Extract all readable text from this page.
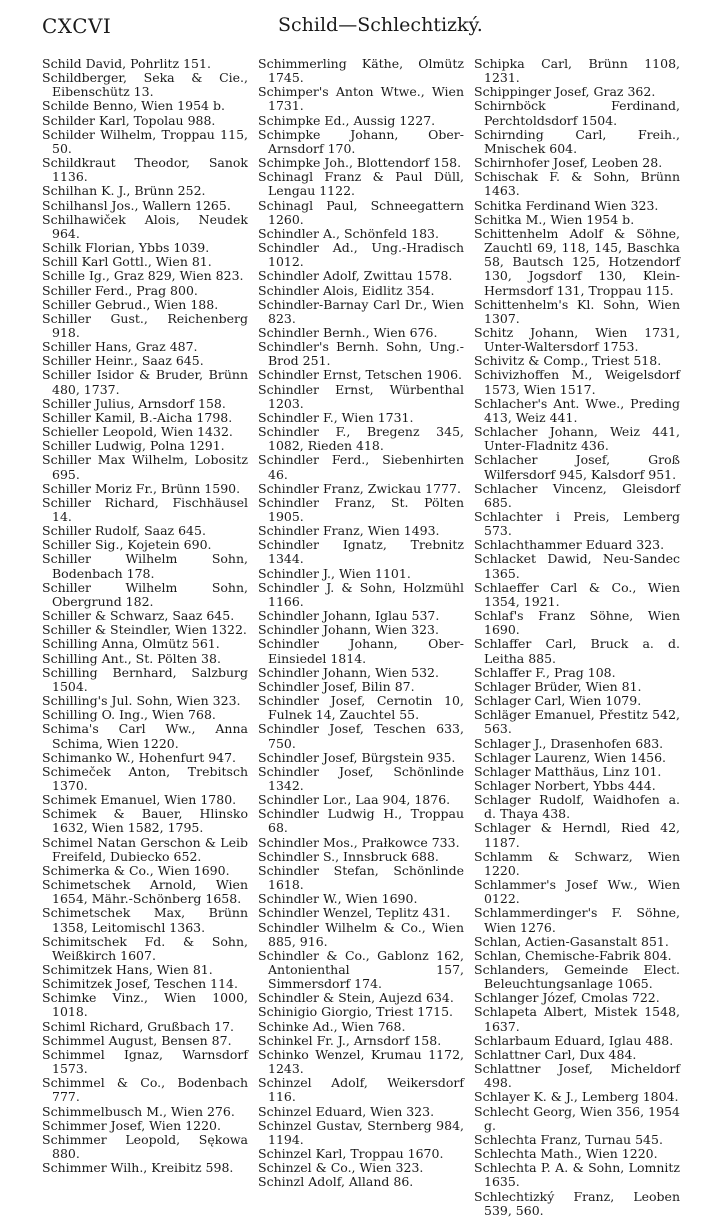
CXCVI	Schild—Schlechtizký.
Schild David, Pohrlitz 151.
Schildberger, Seka & Cie., Eibenschütz 13.
Schilde Benno, Wien 1954 b.
Schilder Karl, Topolau 988.
Schilder Wilhelm, Troppau 115, 50.
Schildkraut Theodor, Sanok 1136.
Schilhan K. J., Brünn 252.
Schilhansl Jos., Wallern 1265.
Schilhawiček Alois, Neudek 964.
Schilk Florian, Ybbs 1039.
Schill Karl Gottl., Wien 81.
Schille Ig., Graz 829, Wien 823.
Schiller Ferd., Prag 800.
Schiller Gebrud., Wien 188.
Schiller Gust., Reichenberg 918.
Schiller Hans, Graz 487.
Schiller Heinr., Saaz 645.
Schiller Isidor & Bruder, Brünn 480, 1737.
Schiller Julius, Arnsdorf 158.
Schiller Kamil, B.-Aicha 1798.
Schieller Leopold, Wien 1432.
Schiller Ludwig, Polna 1291.
Schiller Max Wilhelm, Lobositz 695.
Schiller Moriz Fr., Brünn 1590.
Schiller Richard, Fischhäusel 14.
Schiller Rudolf, Saaz 645.
Schiller Sig., Kojetein 690.
Schiller Wilhelm Sohn, Bodenbach 178.
Schiller Wilhelm Sohn, Obergrund 182.
Schiller & Schwarz, Saaz 645.
Schiller & Steindler, Wien 1322.
Schilling Anna, Olmütz 561.
Schilling Ant., St. Pölten 38.
Schilling Bernhard, Salzburg 1504.
Schilling's Jul. Sohn, Wien 323.
Schilling O. Ing., Wien 768.
Schima's Carl Ww., Anna Schima, Wien 1220.
Schimanko W., Hohenfurt 947.
Schimeček Anton, Trebitsch 1370.
Schimek Emanuel, Wien 1780.
Schimek & Bauer, Hlinsko 1632, Wien 1582, 1795.
Schimel Natan Gerschon & Leib Freifeld, Dubiecko 652.
Schimerka & Co., Wien 1690.
Schimetschek Arnold, Wien 1654, Mähr.-Schönberg 1658.
Schimetschek Max, Brünn 1358, Leitomischl 1363.
Schimitschek Fd. & Sohn, Weißkirch 1607.
Schimitzek Hans, Wien 81.
Schimitzek Josef, Teschen 114.
Schimke Vinz., Wien 1000, 1018.
Schiml Richard, Grußbach 17.
Schimmel August, Bensen 87.
Schimmel Ignaz, Warnsdorf 1573.
Schimmel & Co., Bodenbach 777.
Schimmelbusch M., Wien 276.
Schimmer Josef, Wien 1220.
Schimmer Leopold, Sękowa 880.
Schimmer Wilh., Kreibitz 598.
Schimmerling Käthe, Olmütz 1745.
Schimper's Anton Wtwe., Wien 1731.
Schimpke Ed., Aussig 1227.
Schimpke Johann, Ober-Arnsdorf 170.
Schimpke Joh., Blottendorf 158.
Schinagl Franz & Paul Düll, Lengau 1122.
Schinagl Paul, Schneegattern 1260.
Schindler A., Schönfeld 183.
Schindler Ad., Ung.-Hradisch 1012.
Schindler Adolf, Zwittau 1578.
Schindler Alois, Eidlitz 354.
Schindler-Barnay Carl Dr., Wien 823.
Schindler Bernh., Wien 676.
Schindler's Bernh. Sohn, Ung.-Brod 251.
Schindler Ernst, Tetschen 1906.
Schindler Ernst, Würbenthal 1203.
Schindler F., Wien 1731.
Schindler F., Bregenz 345, 1082, Rieden 418.
Schindler Ferd., Siebenhirten 46.
Schindler Franz, Zwickau 1777.
Schindler Franz, St. Pölten 1905.
Schindler Franz, Wien 1493.
Schindler Ignatz, Trebnitz 1344.
Schindler J., Wien 1101.
Schindler J. & Sohn, Holzmühl 1166.
Schindler Johann, Iglau 537.
Schindler Johann, Wien 323.
Schindler Johann, Ober-Einsiedel 1814.
Schindler Johann, Wien 532.
Schindler Josef, Bilin 87.
Schindler Josef, Cernotin 10, Fulnek 14, Zauchtel 55.
Schindler Josef, Teschen 633, 750.
Schindler Josef, Bürgstein 935.
Schindler Josef, Schönlinde 1342.
Schindler Lor., Laa 904, 1876.
Schindler Ludwig H., Troppau 68.
Schindler Mos., Prałkowce 733.
Schindler S., Innsbruck 688.
Schindler Stefan, Schönlinde 1618.
Schindler W., Wien 1690.
Schindler Wenzel, Teplitz 431.
Schindler Wilhelm & Co., Wien 885, 916.
Schindler & Co., Gablonz 162, Antonienthal 157, Simmersdorf 174.
Schindler & Stein, Aujezd 634.
Schinigio Giorgio, Triest 1715.
Schinke Ad., Wien 768.
Schinkel Fr. J., Arnsdorf 158.
Schinko Wenzel, Krumau 1172, 1243.
Schinzel Adolf, Weikersdorf 116.
Schinzel Eduard, Wien 323.
Schinzel Gustav, Sternberg 984, 1194.
Schinzel Karl, Troppau 1670.
Schinzel & Co., Wien 323.
Schinzl Adolf, Alland 86.
Schipka Carl, Brünn 1108, 1231.
Schippinger Josef, Graz 362.
Schirnböck Ferdinand, Perchtoldsdorf 1504.
Schirnding Carl, Freih., Mnischek 604.
Schirnhofer Josef, Leoben 28.
Schischak F. & Sohn, Brünn 1463.
Schitka Ferdinand Wien 323.
Schitka M., Wien 1954 b.
Schittenhelm Adolf & Söhne, Zauchtl 69, 118, 145, Baschka 58, Bautsch 125, Hotzendorf 130, Jogsdorf 130, Klein-Hermsdorf 131, Troppau 115.
Schittenhelm's Kl. Sohn, Wien 1307.
Schitz Johann, Wien 1731, Unter-Waltersdorf 1753.
Schivitz & Comp., Triest 518.
Schivizhoffen M., Weigelsdorf 1573, Wien 1517.
Schlacher's Ant. Wwe., Preding 413, Weiz 441.
Schlacher Johann, Weiz 441, Unter-Fladnitz 436.
Schlacher Josef, Groß Wilfersdorf 945, Kalsdorf 951.
Schlacher Vincenz, Gleisdorf 685.
Schlachter i Preis, Lemberg 573.
Schlachthammer Eduard 323.
Schlacket Dawid, Neu-Sandec 1365.
Schlaeffer Carl & Co., Wien 1354, 1921.
Schlaf's Franz Söhne, Wien 1690.
Schlaffer Carl, Bruck a. d. Leitha 885.
Schlaffer F., Prag 108.
Schlager Brüder, Wien 81.
Schlager Carl, Wien 1079.
Schläger Emanuel, Přestitz 542, 563.
Schlager J., Drasenhofen 683.
Schlager Laurenz, Wien 1456.
Schlager Matthäus, Linz 101.
Schlager Norbert, Ybbs 444.
Schlager Rudolf, Waidhofen a. d. Thaya 438.
Schlager & Herndl, Ried 42, 1187.
Schlamm & Schwarz, Wien 1220.
Schlammer's Josef Ww., Wien 0122.
Schlammerdinger's F. Söhne, Wien 1276.
Schlan, Actien-Gasanstalt 851.
Schlan, Chemische-Fabrik 804.
Schlanders, Gemeinde Elect. Beleuchtungsanlage 1065.
Schlanger Józef, Cmolas 722.
Schlapeta Albert, Mistek 1548, 1637.
Schlarbaum Eduard, Iglau 488.
Schlattner Carl, Dux 484.
Schlattner Josef, Micheldorf 498.
Schlayer K. & J., Lemberg 1804.
Schlecht Georg, Wien 356, 1954 g.
Schlechta Franz, Turnau 545.
Schlechta Math., Wien 1220.
Schlechta P. A. & Sohn, Lomnitz 1635.
Schlechtizký Franz, Leoben 539, 560.
